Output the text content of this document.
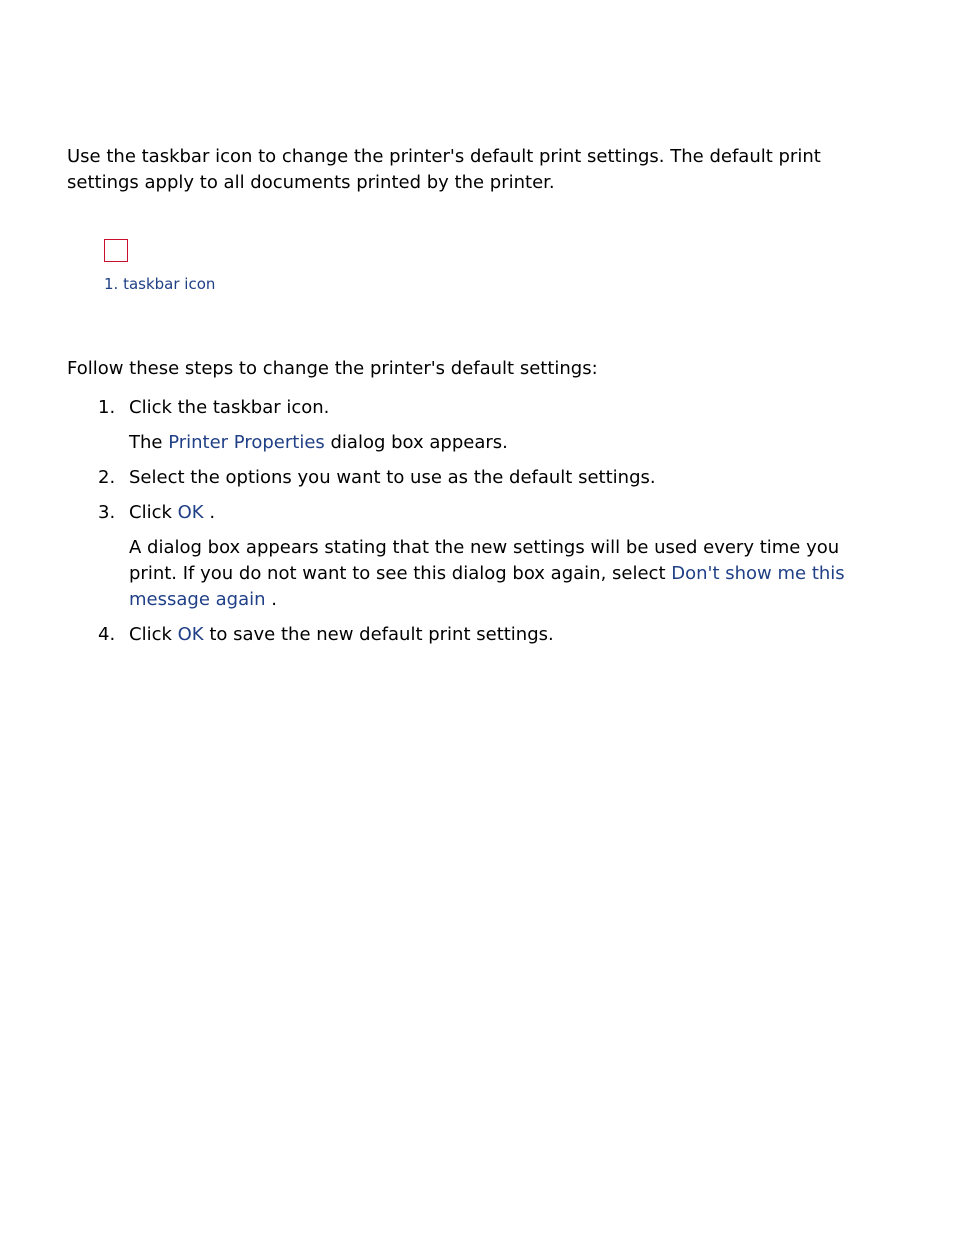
Use the taskbar icon to change the printer's default print settings. The default print settings apply to all documents printed by the printer.

1. taskbar icon

Follow these steps to change the printer's default settings:

1. Click the taskbar icon.
The Printer Properties dialog box appears.
2. Select the options you want to use as the default settings.
3. Click OK .
A dialog box appears stating that the new settings will be used every time you print. If you do not want to see this dialog box again, select Don't show me this message again .
4. Click OK to save the new default print settings.
